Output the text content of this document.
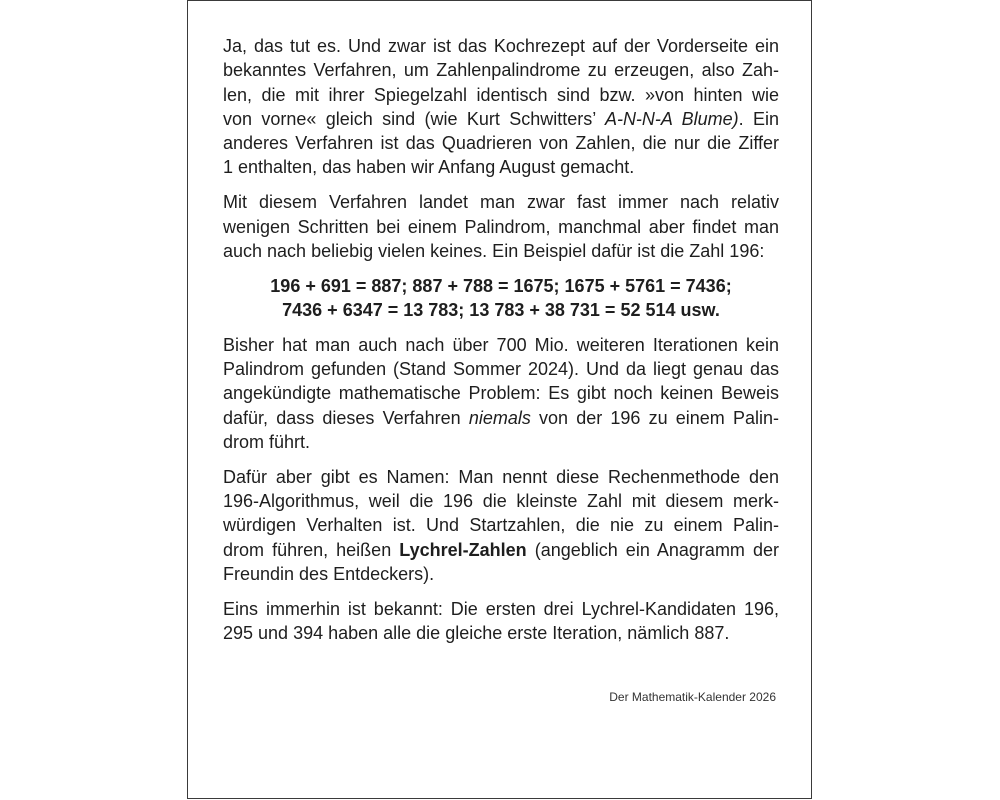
Ja, das tut es. Und zwar ist das Kochrezept auf der Vorderseite ein
bekanntes Verfahren, um Zahlenpalindrome zu erzeugen, also Zah-
len, die mit ihrer Spiegelzahl identisch sind bzw. »von hinten wie
von vorne« gleich sind (wie Kurt Schwitters’ A-N-N-A Blume). Ein
anderes Verfahren ist das Quadrieren von Zahlen, die nur die Ziffer
1 enthalten, das haben wir Anfang August gemacht.

Mit diesem Verfahren landet man zwar fast immer nach relativ
wenigen Schritten bei einem Palindrom, manchmal aber findet man
auch nach beliebig vielen keines. Ein Beispiel dafür ist die Zahl 196:

196 + 691 = 887; 887 + 788 = 1675; 1675 + 5761 = 7436;
7436 + 6347 = 13 783; 13 783 + 38 731 = 52 514 usw.

Bisher hat man auch nach über 700 Mio. weiteren Iterationen kein
Palindrom gefunden (Stand Sommer 2024). Und da liegt genau das
angekündigte mathematische Problem: Es gibt noch keinen Beweis
dafür, dass dieses Verfahren niemals von der 196 zu einem Palin-
drom führt.

Dafür aber gibt es Namen: Man nennt diese Rechenmethode den
196-Algorithmus, weil die 196 die kleinste Zahl mit diesem merk-
würdigen Verhalten ist. Und Startzahlen, die nie zu einem Palin-
drom führen, heißen Lychrel-Zahlen (angeblich ein Anagramm der
Freundin des Entdeckers).

Eins immerhin ist bekannt: Die ersten drei Lychrel-Kandidaten 196,
295 und 394 haben alle die gleiche erste Iteration, nämlich 887.

Der Mathematik-Kalender 2026
